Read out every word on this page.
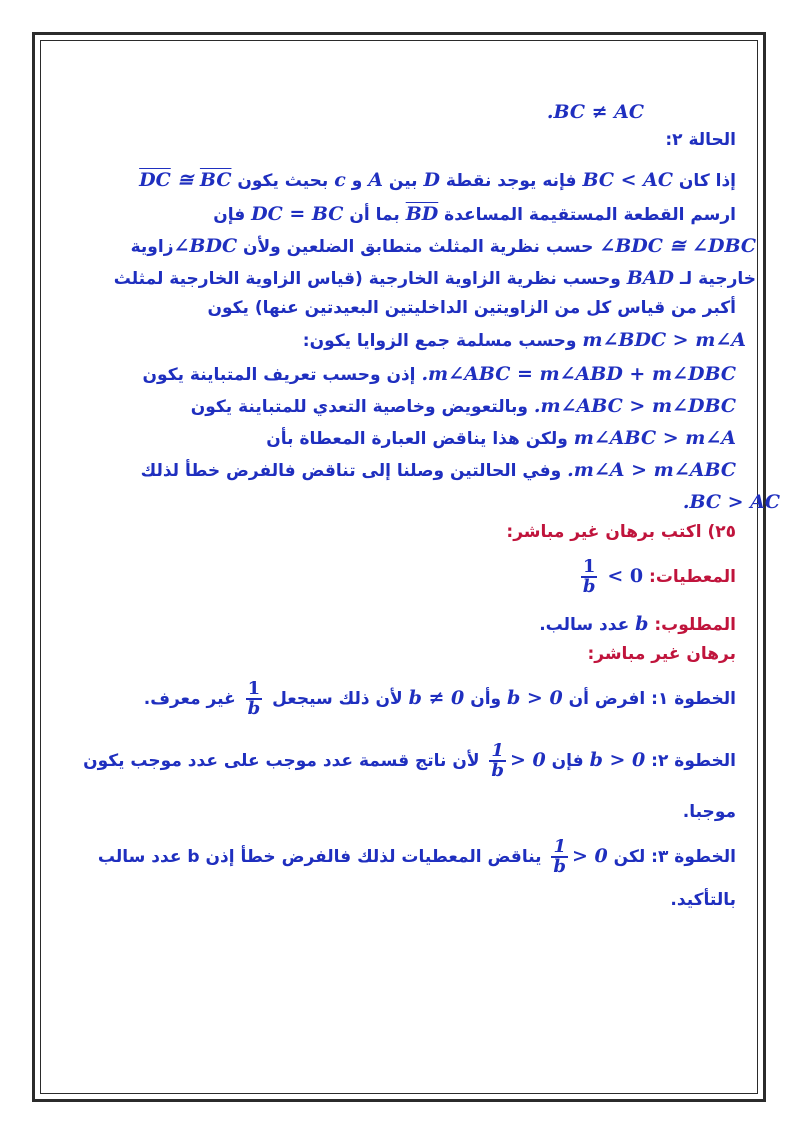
.BC ≠ AC
الحالة ٢:
إذا كان BC < AC فإنه يوجد نقطة D بين A و c بحيث يكون $\overline{DC}$ ≅ $\overline{BC}$
ارسم القطعة المستقيمة المساعدة $\overline{BD}$ بما أن DC = BC فإن
∠BDC ≅ ∠DBC حسب نظرية المثلث متطابق الضلعين ولأن ∠BDCزاوية
خارجية لـ BAD وحسب نظرية الزاوية الخارجية (قياس الزاوية الخارجية لمثلث
أكبر من قياس كل من الزاويتين الداخليتين البعيدتين عنها) يكون
m∠BDC > m∠A وحسب مسلمة جمع الزوايا يكون:
.m∠ABC = m∠ABD + m∠DBC إذن وحسب تعريف المتباينة يكون
.m∠ABC > m∠DBC وبالتعويض وخاصية التعدي للمتباينة يكون
m∠ABC > m∠A ولكن هذا يناقض العبارة المعطاة بأن
.m∠A > m∠ABC وفي الحالتين وصلنا إلى تناقض فالفرض خطأ لذلك
.BC > AC
٢٥) اكتب برهان غير مباشر:
المعطيات: < 0
$\frac{1}{b}$
المطلوب: b عدد سالب.
برهان غير مباشر:
الخطوة ١: افرض أن b > 0 وأن b ≠ 0 لأن ذلك سيجعل
$\frac{1}{b}$
غير معرف.
الخطوة ٢: b > 0 فإن
$\frac{1}{b} > 0$ لأن ناتج قسمة عدد موجب على عدد موجب يكون
موجبا.
الخطوة ٣: لكن
$\frac{1}{b} > 0$ يناقض المعطيات لذلك فالفرض خطأ إذن b عدد سالب
بالتأكيد.
